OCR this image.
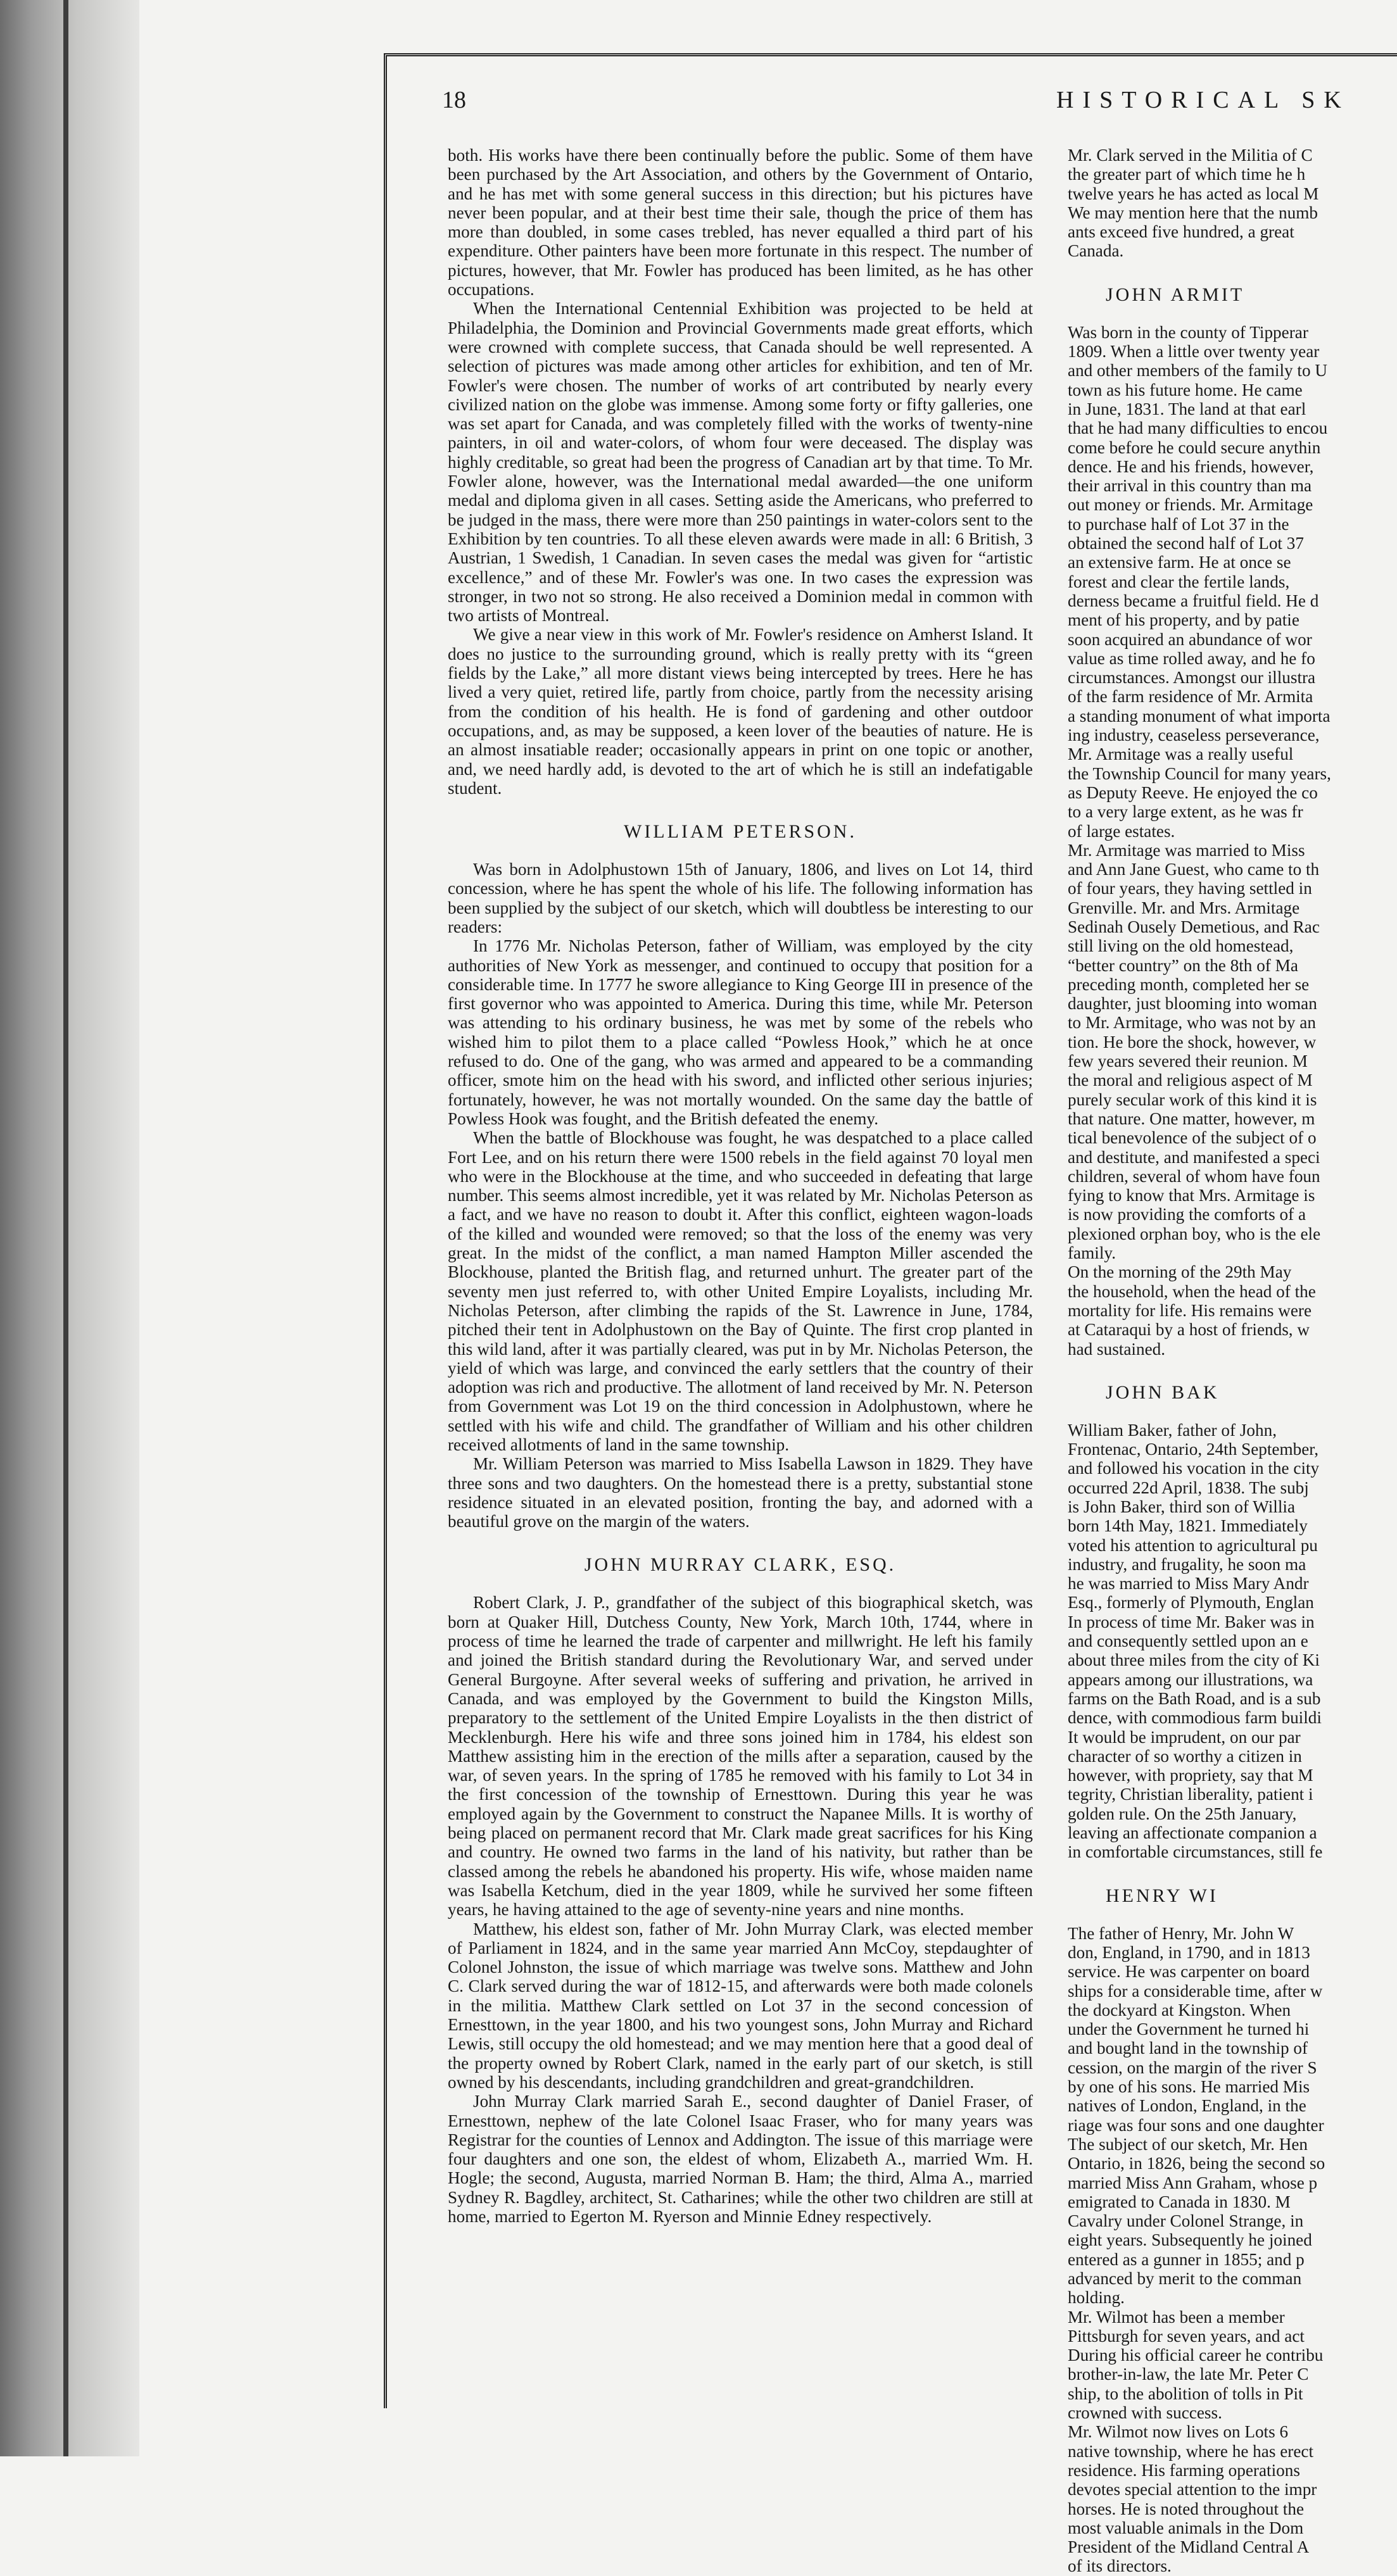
18	HISTORICAL SK

both. His works have there been continually before the public. Some of them have been purchased by the Art Association, and others by the Government of Ontario, and he has met with some general success in this direction; but his pictures have never been popular, and at their best time their sale, though the price of them has more than doubled, in some cases trebled, has never equalled a third part of his expenditure. Other painters have been more fortunate in this respect. The number of pictures, however, that Mr. Fowler has produced has been limited, as he has other occupations.

When the International Centennial Exhibition was projected to be held at Philadelphia, the Dominion and Provincial Governments made great efforts, which were crowned with complete success, that Canada should be well represented. A selection of pictures was made among other articles for exhibition, and ten of Mr. Fowler's were chosen. The number of works of art contributed by nearly every civilized nation on the globe was immense. Among some forty or fifty galleries, one was set apart for Canada, and was completely filled with the works of twenty-nine painters, in oil and water-colors, of whom four were deceased. The display was highly creditable, so great had been the progress of Canadian art by that time. To Mr. Fowler alone, however, was the International medal awarded—the one uniform medal and diploma given in all cases. Setting aside the Americans, who preferred to be judged in the mass, there were more than 250 paintings in water-colors sent to the Exhibition by ten countries. To all these eleven awards were made in all: 6 British, 3 Austrian, 1 Swedish, 1 Canadian. In seven cases the medal was given for “artistic excellence,” and of these Mr. Fowler's was one. In two cases the expression was stronger, in two not so strong. He also received a Dominion medal in common with two artists of Montreal.

We give a near view in this work of Mr. Fowler's residence on Amherst Island. It does no justice to the surrounding ground, which is really pretty with its “green fields by the Lake,” all more distant views being intercepted by trees. Here he has lived a very quiet, retired life, partly from choice, partly from the necessity arising from the condition of his health. He is fond of gardening and other outdoor occupations, and, as may be supposed, a keen lover of the beauties of nature. He is an almost insatiable reader; occasionally appears in print on one topic or another, and, we need hardly add, is devoted to the art of which he is still an indefatigable student.

WILLIAM PETERSON.

Was born in Adolphustown 15th of January, 1806, and lives on Lot 14, third concession, where he has spent the whole of his life. The following information has been supplied by the subject of our sketch, which will doubtless be interesting to our readers:

In 1776 Mr. Nicholas Peterson, father of William, was employed by the city authorities of New York as messenger, and continued to occupy that position for a considerable time. In 1777 he swore allegiance to King George III in presence of the first governor who was appointed to America. During this time, while Mr. Peterson was attending to his ordinary business, he was met by some of the rebels who wished him to pilot them to a place called “Powless Hook,” which he at once refused to do. One of the gang, who was armed and appeared to be a commanding officer, smote him on the head with his sword, and inflicted other serious injuries; fortunately, however, he was not mortally wounded. On the same day the battle of Powless Hook was fought, and the British defeated the enemy.

When the battle of Blockhouse was fought, he was despatched to a place called Fort Lee, and on his return there were 1500 rebels in the field against 70 loyal men who were in the Blockhouse at the time, and who succeeded in defeating that large number. This seems almost incredible, yet it was related by Mr. Nicholas Peterson as a fact, and we have no reason to doubt it. After this conflict, eighteen wagon-loads of the killed and wounded were removed; so that the loss of the enemy was very great. In the midst of the conflict, a man named Hampton Miller ascended the Blockhouse, planted the British flag, and returned unhurt. The greater part of the seventy men just referred to, with other United Empire Loyalists, including Mr. Nicholas Peterson, after climbing the rapids of the St. Lawrence in June, 1784, pitched their tent in Adolphustown on the Bay of Quinte. The first crop planted in this wild land, after it was partially cleared, was put in by Mr. Nicholas Peterson, the yield of which was large, and convinced the early settlers that the country of their adoption was rich and productive. The allotment of land received by Mr. N. Peterson from Government was Lot 19 on the third concession in Adolphustown, where he settled with his wife and child. The grandfather of William and his other children received allotments of land in the same township.

Mr. William Peterson was married to Miss Isabella Lawson in 1829. They have three sons and two daughters. On the homestead there is a pretty, substantial stone residence situated in an elevated position, fronting the bay, and adorned with a beautiful grove on the margin of the waters.

JOHN MURRAY CLARK, ESQ.

Robert Clark, J. P., grandfather of the subject of this biographical sketch, was born at Quaker Hill, Dutchess County, New York, March 10th, 1744, where in process of time he learned the trade of carpenter and millwright. He left his family and joined the British standard during the Revolutionary War, and served under General Burgoyne. After several weeks of suffering and privation, he arrived in Canada, and was employed by the Government to build the Kingston Mills, preparatory to the settlement of the United Empire Loyalists in the then district of Mecklenburgh. Here his wife and three sons joined him in 1784, his eldest son Matthew assisting him in the erection of the mills after a separation, caused by the war, of seven years. In the spring of 1785 he removed with his family to Lot 34 in the first concession of the township of Ernesttown. During this year he was employed again by the Government to construct the Napanee Mills. It is worthy of being placed on permanent record that Mr. Clark made great sacrifices for his King and country. He owned two farms in the land of his nativity, but rather than be classed among the rebels he abandoned his property. His wife, whose maiden name was Isabella Ketchum, died in the year 1809, while he survived her some fifteen years, he having attained to the age of seventy-nine years and nine months.

Matthew, his eldest son, father of Mr. John Murray Clark, was elected member of Parliament in 1824, and in the same year married Ann McCoy, stepdaughter of Colonel Johnston, the issue of which marriage was twelve sons. Matthew and John C. Clark served during the war of 1812-15, and afterwards were both made colonels in the militia. Matthew Clark settled on Lot 37 in the second concession of Ernesttown, in the year 1800, and his two youngest sons, John Murray and Richard Lewis, still occupy the old homestead; and we may mention here that a good deal of the property owned by Robert Clark, named in the early part of our sketch, is still owned by his descendants, including grandchildren and great-grandchildren.

John Murray Clark married Sarah E., second daughter of Daniel Fraser, of Ernesttown, nephew of the late Colonel Isaac Fraser, who for many years was Registrar for the counties of Lennox and Addington. The issue of this marriage were four daughters and one son, the eldest of whom, Elizabeth A., married Wm. H. Hogle; the second, Augusta, married Norman B. Ham; the third, Alma A., married Sydney R. Bagdley, architect, St. Catharines; while the other two children are still at home, married to Egerton M. Ryerson and Minnie Edney respectively.

Mr. Clark served in the Militia of C

the greater part of which time he h

twelve years he has acted as local M

We may mention here that the numb

ants exceed five hundred, a great

Canada.

JOHN ARMIT

Was born in the county of Tipperar

1809. When a little over twenty year

and other members of the family to U

town as his future home. He came

in June, 1831. The land at that earl

that he had many difficulties to encou

come before he could secure anythin

dence. He and his friends, however,

their arrival in this country than ma

out money or friends. Mr. Armitage

to purchase half of Lot 37 in the

obtained the second half of Lot 37

an extensive farm. He at once se

forest and clear the fertile lands,

derness became a fruitful field. He d

ment of his property, and by patie

soon acquired an abundance of wor

value as time rolled away, and he fo

circumstances. Amongst our illustra

of the farm residence of Mr. Armita

a standing monument of what importa

ing industry, ceaseless perseverance,

Mr. Armitage was a really useful

the Township Council for many years,

as Deputy Reeve. He enjoyed the co

to a very large extent, as he was fr

of large estates.

Mr. Armitage was married to Miss

and Ann Jane Guest, who came to th

of four years, they having settled in

Grenville. Mr. and Mrs. Armitage

Sedinah Ousely Demetious, and Rac

still living on the old homestead,

“better country” on the 8th of Ma

preceding month, completed her se

daughter, just blooming into woman

to Mr. Armitage, who was not by an

tion. He bore the shock, however, w

few years severed their reunion. M

the moral and religious aspect of M

purely secular work of this kind it is

that nature. One matter, however, m

tical benevolence of the subject of o

and destitute, and manifested a speci

children, several of whom have foun

fying to know that Mrs. Armitage is

is now providing the comforts of a

plexioned orphan boy, who is the ele

family.

On the morning of the 29th May

the household, when the head of the

mortality for life. His remains were

at Cataraqui by a host of friends, w

had sustained.

JOHN BAK

William Baker, father of John,

Frontenac, Ontario, 24th September,

and followed his vocation in the city

occurred 22d April, 1838. The subj

is John Baker, third son of Willia

born 14th May, 1821. Immediately

voted his attention to agricultural pu

industry, and frugality, he soon ma

he was married to Miss Mary Andr

Esq., formerly of Plymouth, Englan

In process of time Mr. Baker was in

and consequently settled upon an e

about three miles from the city of Ki

appears among our illustrations, wa

farms on the Bath Road, and is a sub

dence, with commodious farm buildi

It would be imprudent, on our par

character of so worthy a citizen in

however, with propriety, say that M

tegrity, Christian liberality, patient i

golden rule. On the 25th January,

leaving an affectionate companion a

in comfortable circumstances, still fe

HENRY WI

The father of Henry, Mr. John W

don, England, in 1790, and in 1813

service. He was carpenter on board

ships for a considerable time, after w

the dockyard at Kingston. When

under the Government he turned hi

and bought land in the township of

cession, on the margin of the river S

by one of his sons. He married Mis

natives of London, England, in the

riage was four sons and one daughter

The subject of our sketch, Mr. Hen

Ontario, in 1826, being the second so

married Miss Ann Graham, whose p

emigrated to Canada in 1830. M

Cavalry under Colonel Strange, in

eight years. Subsequently he joined

entered as a gunner in 1855; and p

advanced by merit to the comman

holding.

Mr. Wilmot has been a member

Pittsburgh for seven years, and act

During his official career he contribu

brother-in-law, the late Mr. Peter C

ship, to the abolition of tolls in Pit

crowned with success.

Mr. Wilmot now lives on Lots 6

native township, where he has erect

residence. His farming operations

devotes special attention to the impr

horses. He is noted throughout the

most valuable animals in the Dom

President of the Midland Central A

of its directors.
